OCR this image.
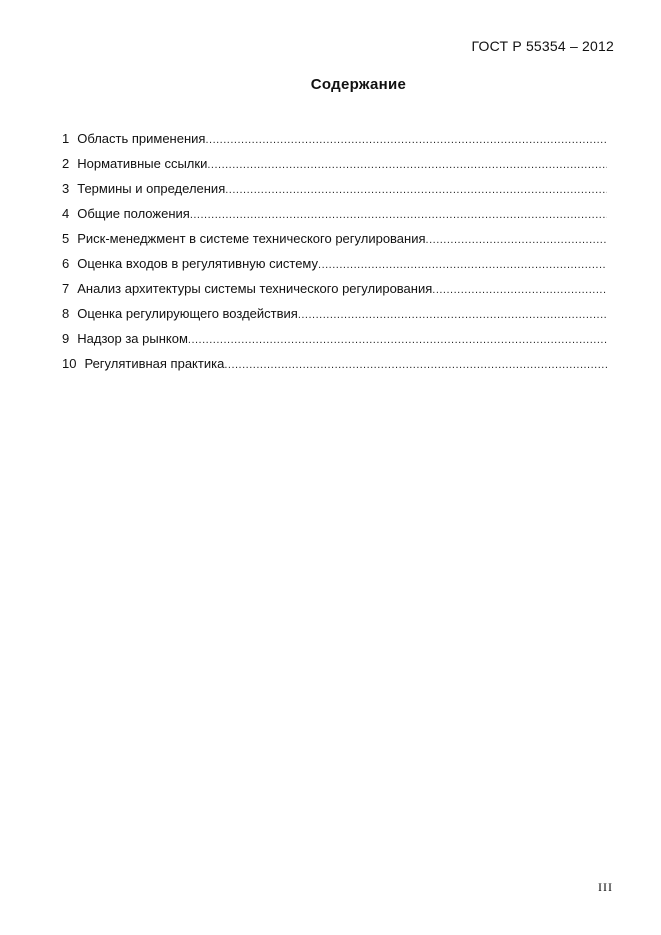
ГОСТ Р 55354 – 2012
Содержание
1 Область применения
.....
2 Нормативные ссылки
.....
3 Термины и определения
.....
4 Общие положения
.....
5 Риск-менеджмент в системе технического регулирования
.....
6 Оценка входов в регулятивную систему
.....
7 Анализ архитектуры системы технического регулирования
.....
8 Оценка регулирующего воздействия
.....
9 Надзор за рынком
.....
10 Регулятивная практика
.....
III
